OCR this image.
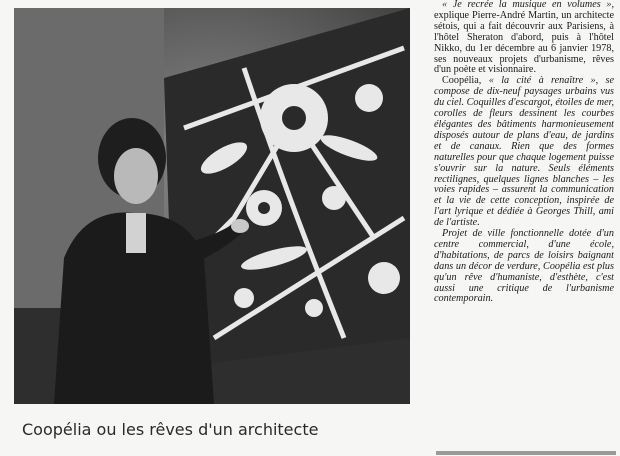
Coopélia ou les rêves d'un architecte

« Je recrée la musique en volumes », explique Pierre-André Martin, un architecte sétois, qui a fait découvrir aux Parisiens, à l'hôtel Sheraton d'abord, puis à l'hôtel Nikko, du 1er décembre au 6 janvier 1978, ses nouveaux projets d'urbanisme, rêves d'un poète et visionnaire.

Coopélia, « la cité à renaître », se compose de dix-neuf paysages urbains vus du ciel. Coquilles d'escargot, étoiles de mer, corolles de fleurs dessinent les courbes élégantes des bâtiments harmonieusement disposés autour de plans d'eau, de jardins et de canaux. Rien que des formes naturelles pour que chaque logement puisse s'ouvrir sur la nature. Seuls éléments rectilignes, quelques lignes blanches – les voies rapides – assurent la communication et la vie de cette conception, inspirée de l'art lyrique et dédiée à Georges Thill, ami de l'artiste.

Projet de ville fonctionnelle dotée d'un centre commercial, d'une école, d'habitations, de parcs de loisirs baignant dans un décor de verdure, Coopélia est plus qu'un rêve d'humaniste, d'esthète, c'est aussi une critique de l'urbanisme contemporain.
